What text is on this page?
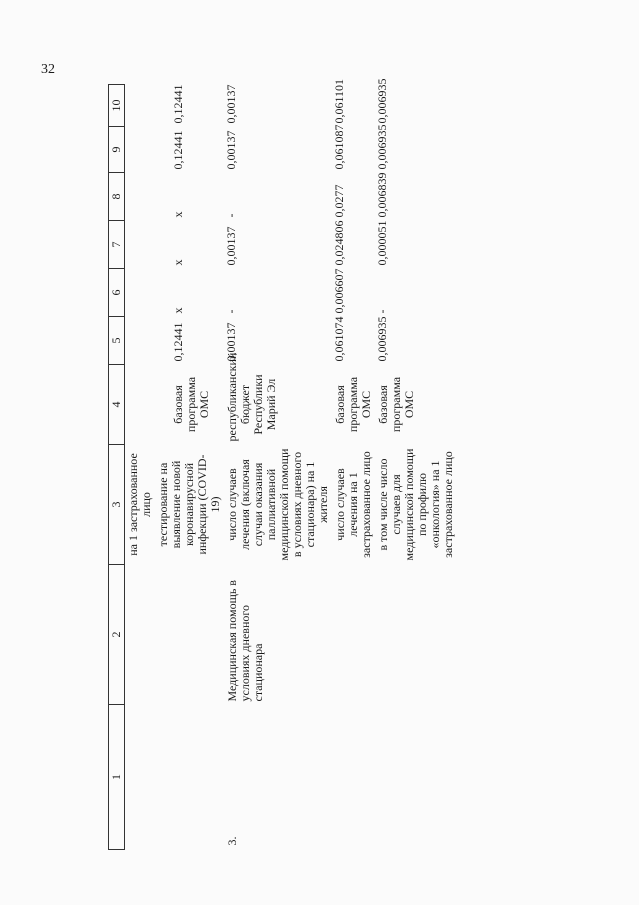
32
1	2	3	4	5	6	7	8	9	10
		на 1 застрахованное лицо							
		тестирование на выявление новой коронавирусной инфекции (COVID-19)	базовая программа ОМС	0,12441	x	x	x	0,12441	0,12441
3.	Медицинская помощь в условиях дневного стационара	число случаев лечения (включая случаи оказания паллиативной медицинской помощи в условиях дневного стационара) на 1 жителя	республиканский бюджет Республики Марий Эл	0,00137	-	0,00137	-	0,00137	0,00137
		число случаев лечения на 1 застрахованное лицо	базовая программа ОМС	0,061074	0,006607	0,024806	0,0277	0,061087	0,061101
		в том числе число случаев для медицинской помощи по профилю «онкология» на 1 застрахованное лицо	базовая программа ОМС	0,006935	-	0,000051	0,006839	0,006935	0,006935
